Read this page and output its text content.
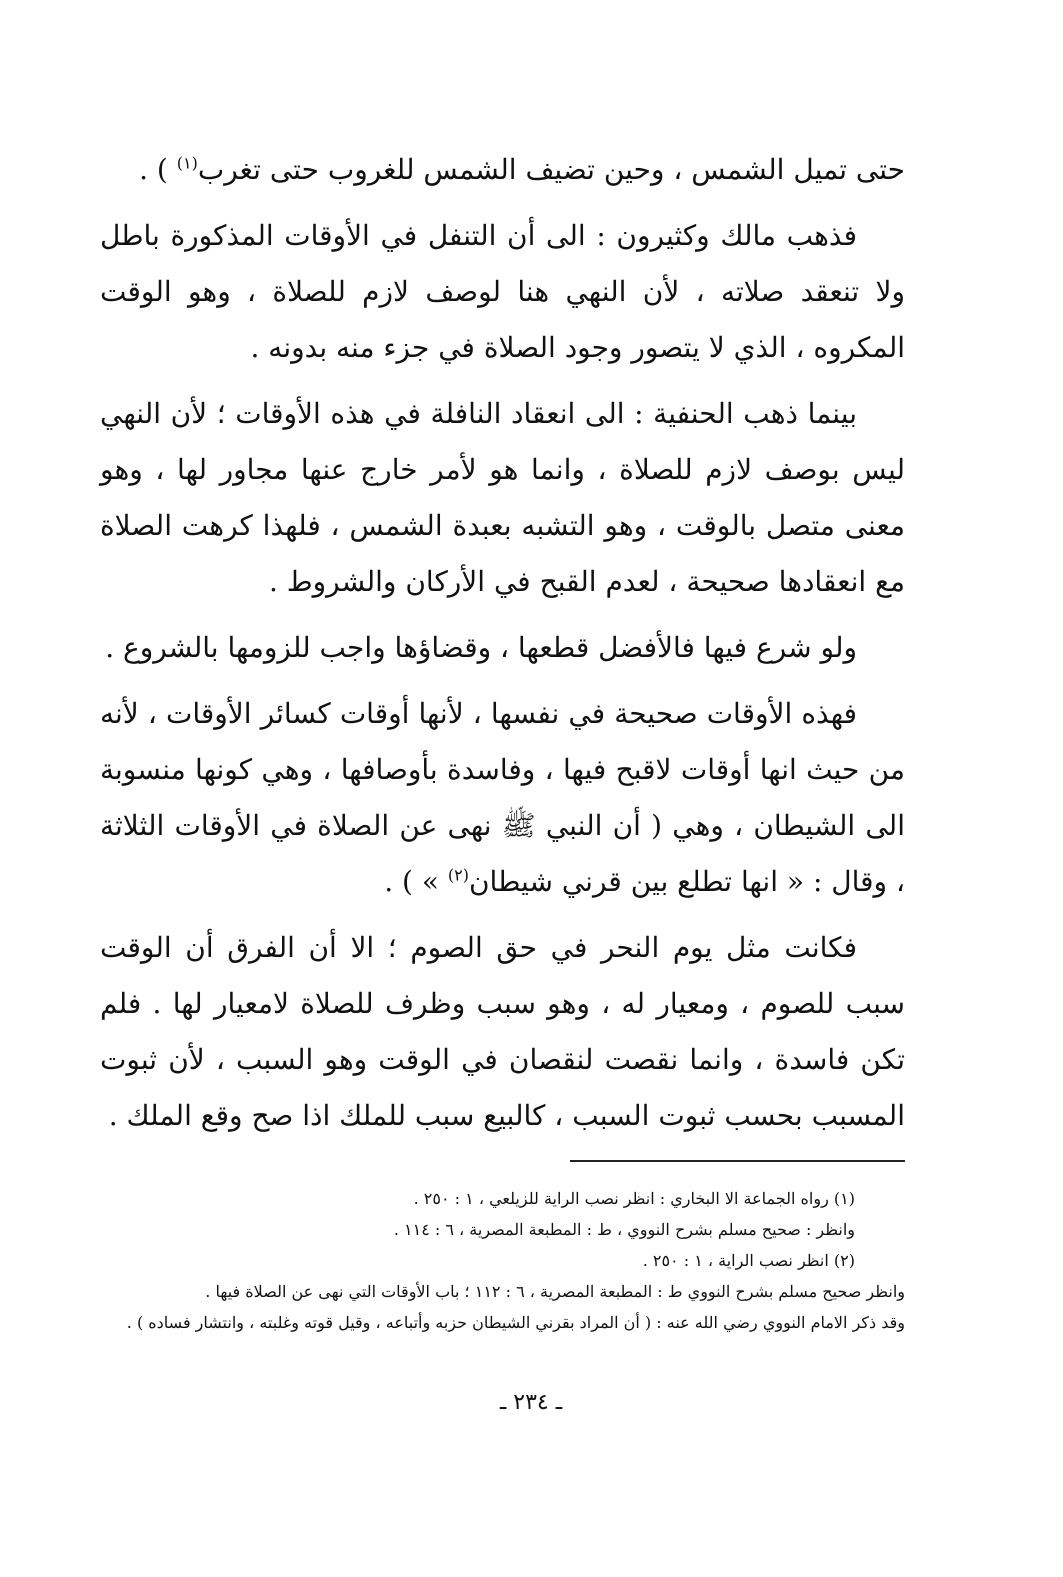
حتى تميل الشمس ، وحين تضيف الشمس للغروب حتى تغرب$^{(١)}$ ) .

فذهب مالك وكثيرون : الى أن التنفل في الأوقات المذكورة باطل ولا تنعقد صلاته ، لأن النهي هنا لوصف لازم للصلاة ، وهو الوقت المكروه ، الذي لا يتصور وجود الصلاة في جزء منه بدونه .

بينما ذهب الحنفية : الى انعقاد النافلة في هذه الأوقات ؛ لأن النهي ليس بوصف لازم للصلاة ، وانما هو لأمر خارج عنها مجاور لها ، وهو معنى متصل بالوقت ، وهو التشبه بعبدة الشمس ، فلهذا كرهت الصلاة مع انعقادها صحيحة ، لعدم القبح في الأركان والشروط .

ولو شرع فيها فالأفضل قطعها ، وقضاؤها واجب للزومها بالشروع .

فهذه الأوقات صحيحة في نفسها ، لأنها أوقات كسائر الأوقات ، لأنه من حيث انها أوقات لاقبح فيها ، وفاسدة بأوصافها ، وهي كونها منسوبة الى الشيطان ، وهي ( أن النبي ﷺ نهى عن الصلاة في الأوقات الثلاثة ، وقال : « انها تطلع بين قرني شيطان$^{(٢)}$ » ) .

فكانت مثل يوم النحر في حق الصوم ؛ الا أن الفرق أن الوقت سبب للصوم ، ومعيار له ، وهو سبب وظرف للصلاة لامعيار لها . فلم تكن فاسدة ، وانما نقصت لنقصان في الوقت وهو السبب ، لأن ثبوت المسبب بحسب ثبوت السبب ، كالبيع سبب للملك اذا صح وقع الملك .

(١) رواه الجماعة الا البخاري : انظر نصب الراية للزيلعي ، ١ : ٢٥٠ .

وانظر : صحيح مسلم بشرح النووي ، ط : المطبعة المصرية ، ٦ : ١١٤ .

(٢) انظر نصب الراية ، ١ : ٢٥٠ .

وانظر صحيح مسلم بشرح النووي ط : المطبعة المصرية ، ٦ : ١١٢ ؛ باب الأوقات التي نهى عن الصلاة فيها .

وقد ذكر الامام النووي رضي الله عنه : ( أن المراد بقرني الشيطان حزبه وأتباعه ، وقيل قوته وغلبته ، وانتشار فساده ) .

ـ ٢٣٤ ـ
